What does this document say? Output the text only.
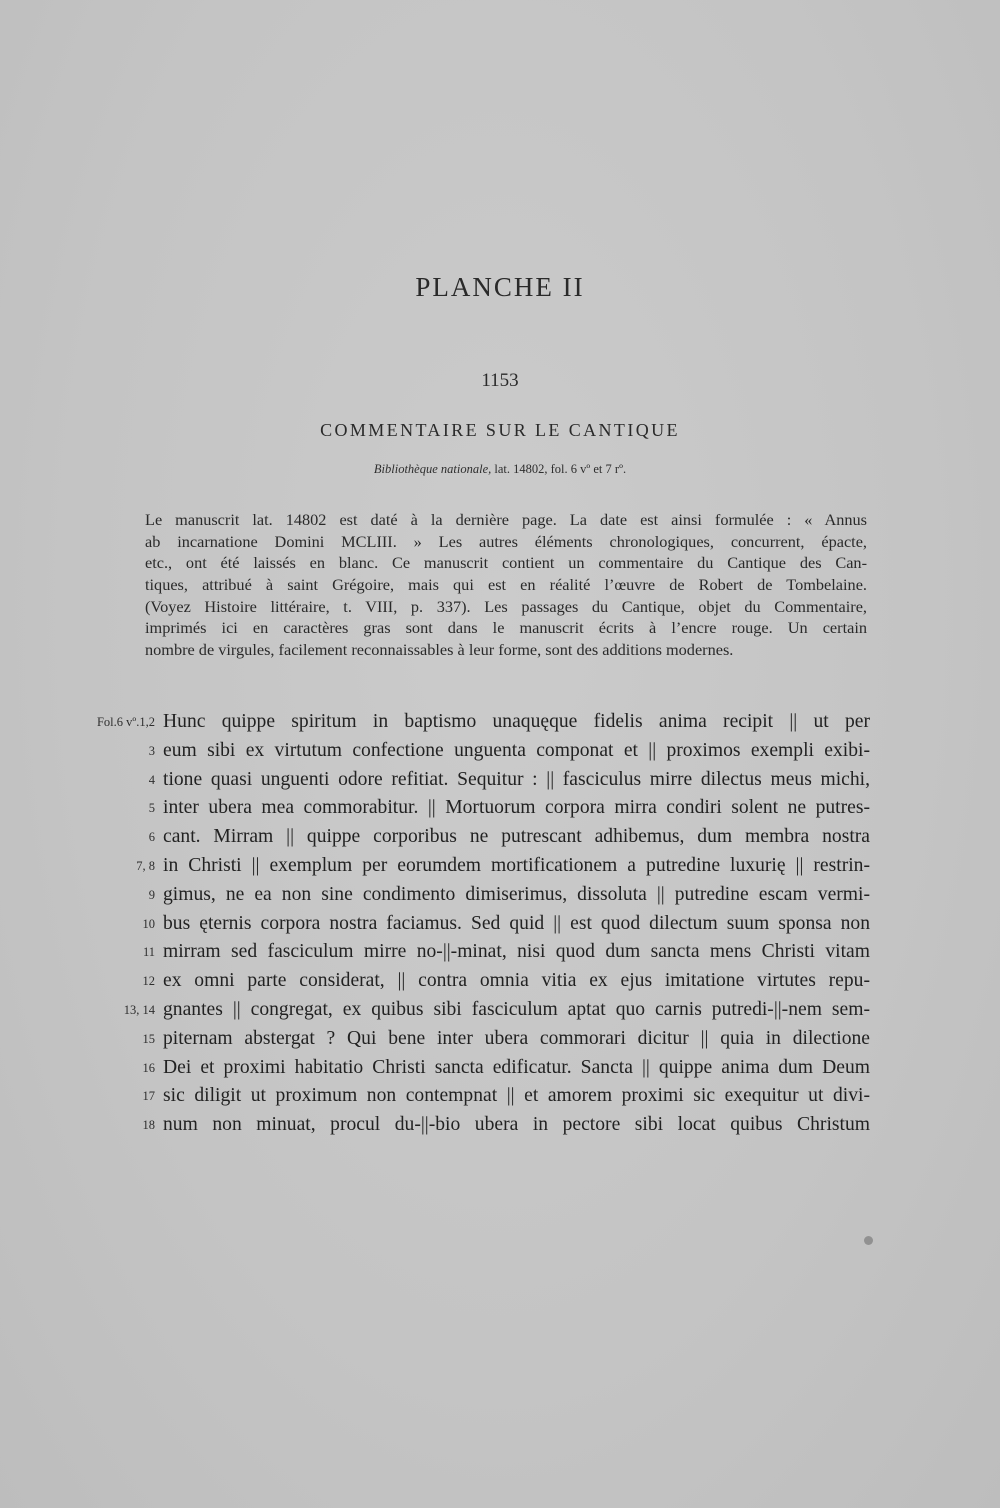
PLANCHE II
1153
COMMENTAIRE SUR LE CANTIQUE
Bibliothèque nationale, lat. 14802, fol. 6 vº et 7 rº.
Le manuscrit lat. 14802 est daté à la dernière page. La date est ainsi formulée : « Annus
ab incarnatione Domini MCLIII. » Les autres éléments chronologiques, concurrent, épacte,
etc., ont été laissés en blanc. Ce manuscrit contient un commentaire du Cantique des Can-
tiques, attribué à saint Grégoire, mais qui est en réalité l’œuvre de Robert de Tombelaine.
(Voyez Histoire littéraire, t. VIII, p. 337). Les passages du Cantique, objet du Commentaire,
imprimés ici en caractères gras sont dans le manuscrit écrits à l’encre rouge. Un certain
nombre de virgules, facilement reconnaissables à leur forme, sont des additions modernes.
Fol.6 vº.1,2 Hunc quippe spiritum in baptismo unaquęque fidelis anima recipit || ut per
3 eum sibi ex virtutum confectione unguenta componat et || proximos exempli exibi-
4 tione quasi unguenti odore refitiat. Sequitur : || fasciculus mirre dilectus meus michi,
5 inter ubera mea commorabitur. || Mortuorum corpora mirra condiri solent ne putres-
6 cant. Mirram || quippe corporibus ne putrescant adhibemus, dum membra nostra
7, 8 in Christi || exemplum per eorumdem mortificationem a putredine luxurię || restrin-
9 gimus, ne ea non sine condimento dimiserimus, dissoluta || putredine escam vermi-
10 bus ęternis corpora nostra faciamus. Sed quid || est quod dilectum suum sponsa non
11 mirram sed fasciculum mirre no-||-minat, nisi quod dum sancta mens Christi vitam
12 ex omni parte considerat, || contra omnia vitia ex ejus imitatione virtutes repu-
13, 14 gnantes || congregat, ex quibus sibi fasciculum aptat quo carnis putredi-||-nem sem-
15 piternam abstergat ? Qui bene inter ubera commorari dicitur || quia in dilectione
16 Dei et proximi habitatio Christi sancta edificatur. Sancta || quippe anima dum Deum
17 sic diligit ut proximum non contempnat || et amorem proximi sic exequitur ut divi-
18 num non minuat, procul du-||-bio ubera in pectore sibi locat quibus Christum
